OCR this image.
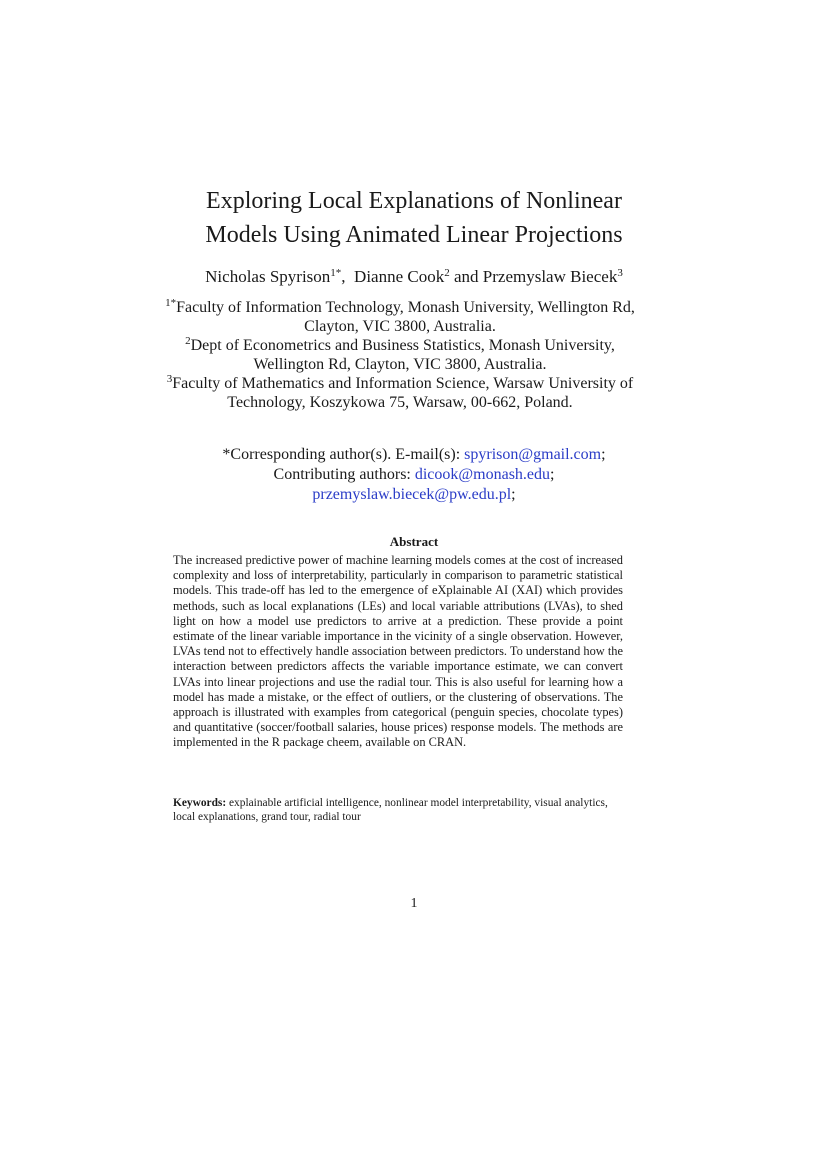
Exploring Local Explanations of Nonlinear
Models Using Animated Linear Projections
Nicholas Spyrison$^{1*}$,  Dianne Cook$^2$ and Przemyslaw Biecek$^3$
$^{1*}$Faculty of Information Technology, Monash University, Wellington Rd, Clayton, VIC 3800, Australia.
$^2$Dept of Econometrics and Business Statistics, Monash University, Wellington Rd, Clayton, VIC 3800, Australia.
$^3$Faculty of Mathematics and Information Science, Warsaw University of Technology, Koszykowa 75, Warsaw, 00-662, Poland.
*Corresponding author(s). E-mail(s): spyrison@gmail.com;
Contributing authors: dicook@monash.edu;
przemyslaw.biecek@pw.edu.pl;
Abstract
The increased predictive power of machine learning models comes at the cost of increased complexity and loss of interpretability, particularly in comparison to parametric statistical models. This trade-off has led to the emergence of eXplainable AI (XAI) which provides methods, such as local explanations (LEs) and local variable attributions (LVAs), to shed light on how a model use predictors to arrive at a prediction. These provide a point estimate of the linear variable importance in the vicinity of a single observation. However, LVAs tend not to effectively handle association between predictors. To understand how the interaction between predictors affects the variable importance estimate, we can convert LVAs into linear projections and use the radial tour. This is also useful for learning how a model has made a mistake, or the effect of outliers, or the clustering of observations. The approach is illustrated with examples from categorical (penguin species, chocolate types) and quantitative (soccer/football salaries, house prices) response models. The methods are implemented in the R package cheem, available on CRAN.
Keywords: explainable artificial intelligence, nonlinear model interpretability, visual analytics, local explanations, grand tour, radial tour
1
